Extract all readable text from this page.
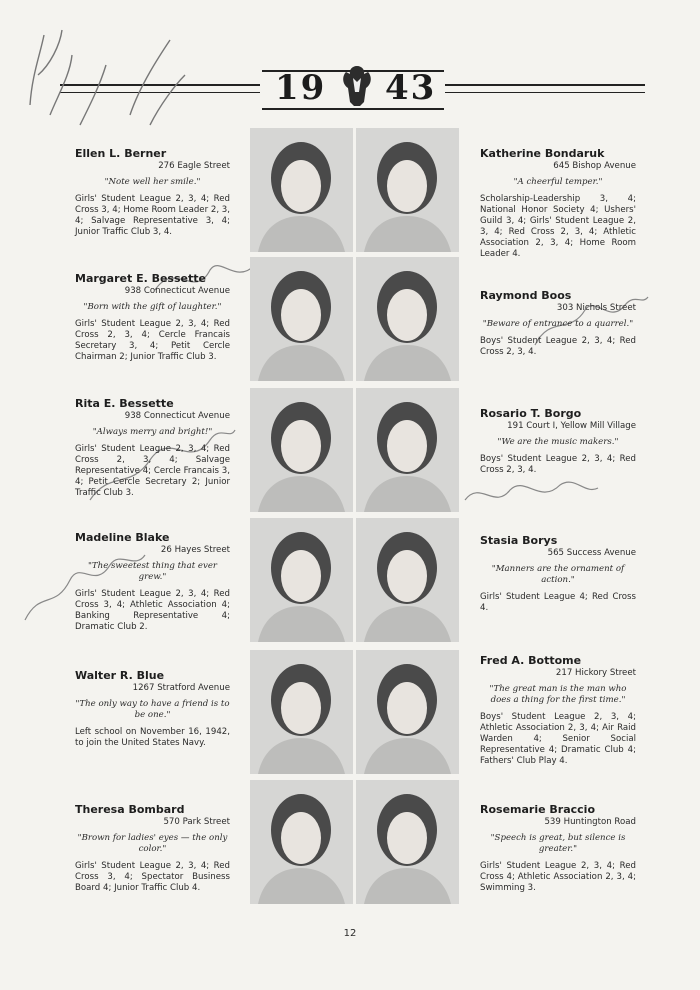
19 43
Ellen L. Berner
276 Eagle Street
"Note well her smile."
Girls' Student League 2, 3, 4; Red Cross 3, 4; Home Room Leader 2, 3, 4; Salvage Representative 3, 4; Junior Traffic Club 3, 4.
Margaret E. Bessette
938 Connecticut Avenue
"Born with the gift of laughter."
Girls' Student League 2, 3, 4; Red Cross 2, 3, 4; Cercle Francais Secretary 3, 4; Petit Cercle Chairman 2; Junior Traffic Club 3.
Rita E. Bessette
938 Connecticut Avenue
"Always merry and bright!"
Girls' Student League 2, 3, 4; Red Cross 2, 3, 4; Salvage Representative 4; Cercle Francais 3, 4; Petit Cercle Secretary 2; Junior Traffic Club 3.
Madeline Blake
26 Hayes Street
"The sweetest thing that ever grew."
Girls' Student League 2, 3, 4; Red Cross 3, 4; Athletic Association 4; Banking Representative 4; Dramatic Club 2.
Walter R. Blue
1267 Stratford Avenue
"The only way to have a friend is to be one."
Left school on November 16, 1942, to join the United States Navy.
Theresa Bombard
570 Park Street
"Brown for ladies' eyes — the only color."
Girls' Student League 2, 3, 4; Red Cross 3, 4; Spectator Business Board 4; Junior Traffic Club 4.
Katherine Bondaruk
645 Bishop Avenue
"A cheerful temper."
Scholarship-Leadership 3, 4; National Honor Society 4; Ushers' Guild 3, 4; Girls' Student League 2, 3, 4; Red Cross 2, 3, 4; Athletic Association 2, 3, 4; Home Room Leader 4.
Raymond Boos
303 Nichols Street
"Beware of entrance to a quarrel."
Boys' Student League 2, 3, 4; Red Cross 2, 3, 4.
Rosario T. Borgo
191 Court I, Yellow Mill Village
"We are the music makers."
Boys' Student League 2, 3, 4; Red Cross 2, 3, 4.
Stasia Borys
565 Success Avenue
"Manners are the ornament of action."
Girls' Student League 4; Red Cross 4.
Fred A. Bottome
217 Hickory Street
"The great man is the man who does a thing for the first time."
Boys' Student League 2, 3, 4; Athletic Association 2, 3, 4; Air Raid Warden 4; Senior Social Representative 4; Dramatic Club 4; Fathers' Club Play 4.
Rosemarie Braccio
539 Huntington Road
"Speech is great, but silence is greater."
Girls' Student League 2, 3, 4; Red Cross 4; Athletic Association 2, 3, 4; Swimming 3.
12
